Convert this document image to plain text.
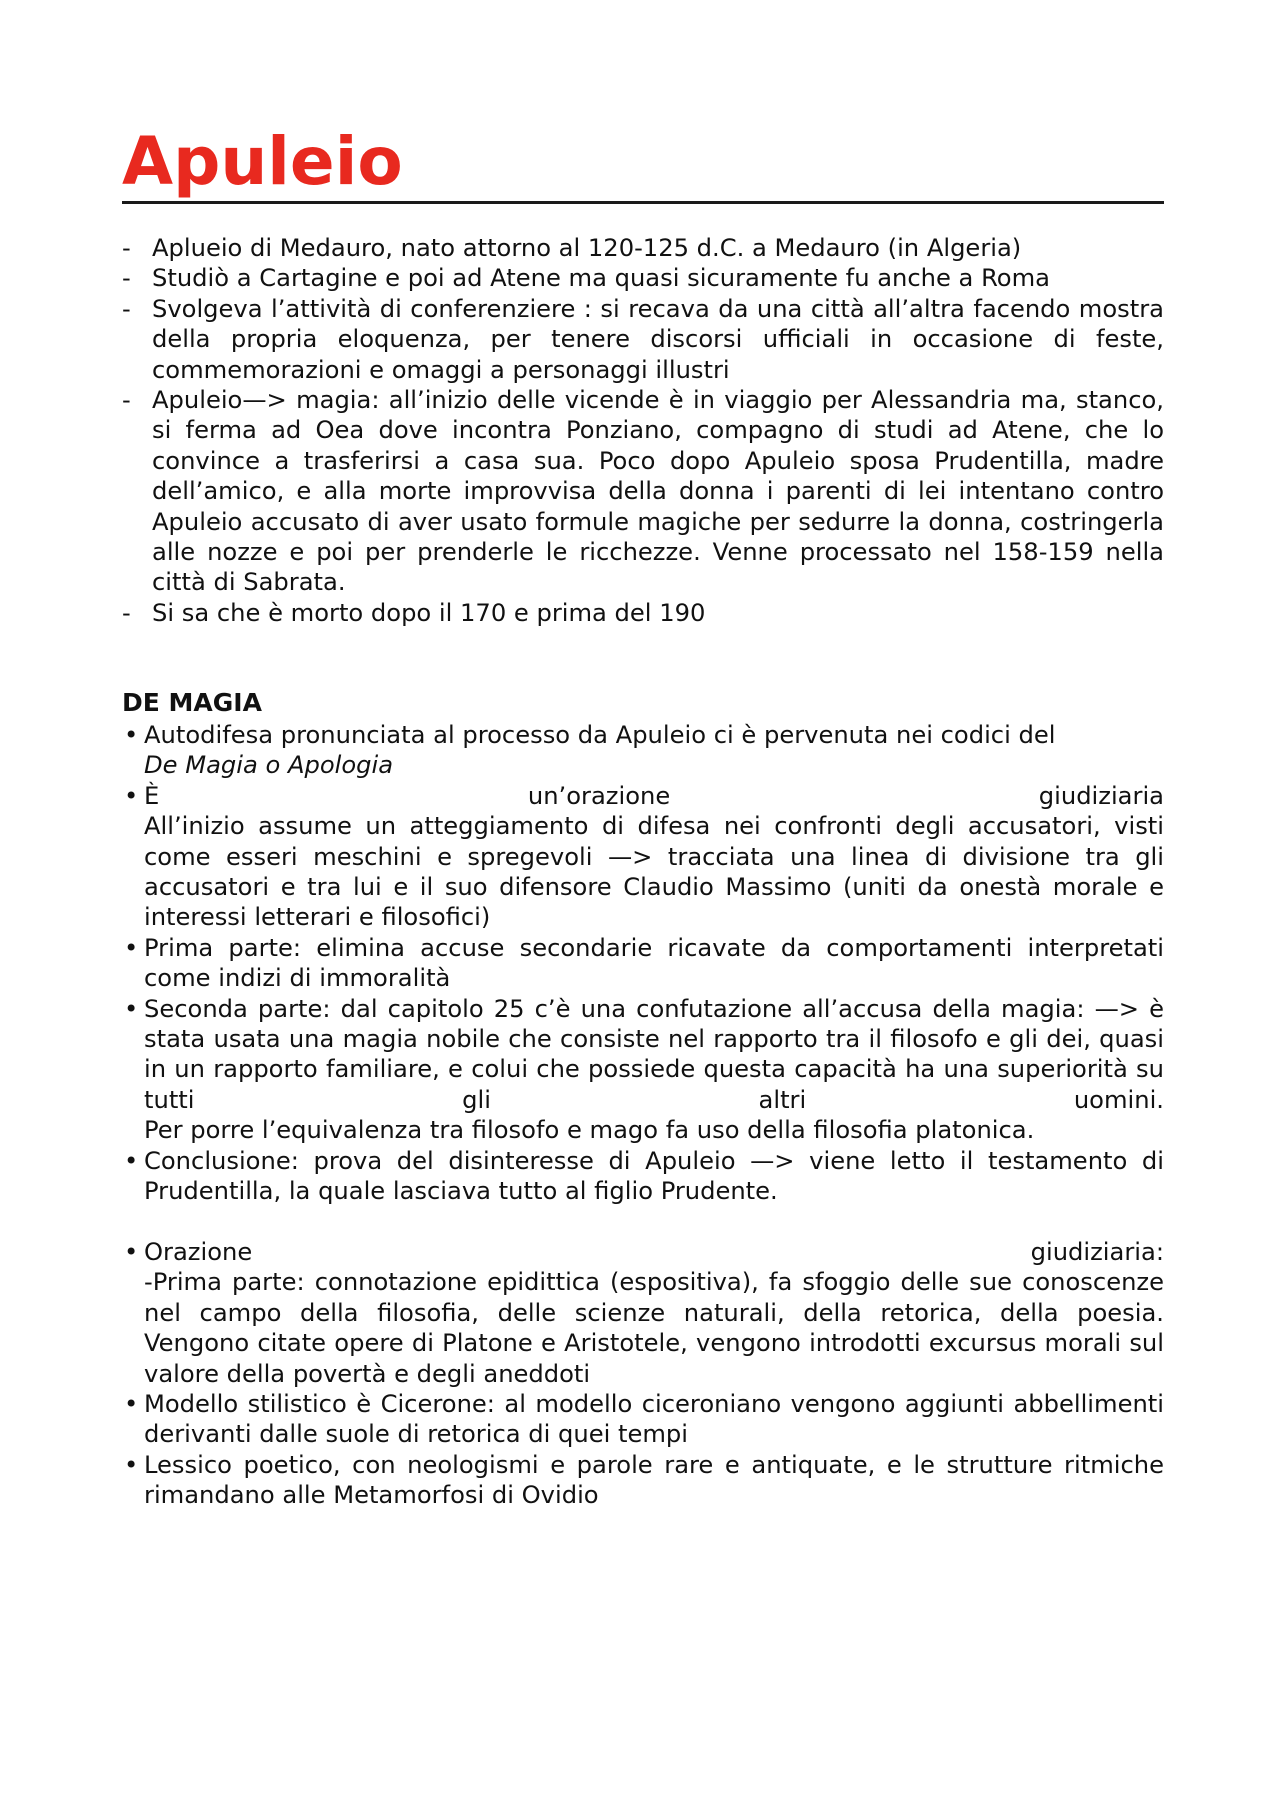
Apuleio
- Aplueio di Medauro, nato attorno al 120-125 d.C. a Medauro (in Algeria)
- Studiò a Cartagine e poi ad Atene ma quasi sicuramente fu anche a Roma
- Svolgeva l’attività di conferenziere : si recava da una città all’altra facendo mostra della propria eloquenza, per tenere discorsi ufficiali in occasione di feste, commemorazioni e omaggi a personaggi illustri
- Apuleio—> magia: all’inizio delle vicende è in viaggio per Alessandria ma, stanco, si ferma ad Oea dove incontra Ponziano, compagno di studi ad Atene, che lo convince a trasferirsi a casa sua. Poco dopo Apuleio sposa Prudentilla, madre dell’amico, e alla morte improvvisa della donna i parenti di lei intentano contro Apuleio accusato di aver usato formule magiche per sedurre la donna, costringerla alle nozze e poi per prenderle le ricchezze. Venne processato nel 158-159 nella città di Sabrata.
- Si sa che è morto dopo il 170 e prima del 190
DE MAGIA
• Autodifesa pronunciata al processo da Apuleio ci è pervenuta nei codici del
De Magia o Apologia
• È un’orazione giudiziaria
All’inizio assume un atteggiamento di difesa nei confronti degli accusatori, visti come esseri meschini e spregevoli —> tracciata una linea di divisione tra gli accusatori e tra lui e il suo difensore Claudio Massimo (uniti da onestà morale e interessi letterari e filosofici)
• Prima parte: elimina accuse secondarie ricavate da comportamenti interpretati come indizi di immoralità
• Seconda parte: dal capitolo 25 c’è una confutazione all’accusa della magia: —> è stata usata una magia nobile che consiste nel rapporto tra il filosofo e gli dei, quasi in un rapporto familiare, e colui che possiede questa capacità ha una superiorità su tutti gli altri uomini.
Per porre l’equivalenza tra filosofo e mago fa uso della filosofia platonica.
• Conclusione: prova del disinteresse di Apuleio —> viene letto il testamento di Prudentilla, la quale lasciava tutto al figlio Prudente.
• Orazione giudiziaria:
-Prima parte: connotazione epidittica (espositiva), fa sfoggio delle sue conoscenze nel campo della filosofia, delle scienze naturali, della retorica, della poesia. Vengono citate opere di Platone e Aristotele, vengono introdotti excursus morali sul valore della povertà e degli aneddoti
• Modello stilistico è Cicerone: al modello ciceroniano vengono aggiunti abbellimenti derivanti dalle suole di retorica di quei tempi
• Lessico poetico, con neologismi e parole rare e antiquate, e le strutture ritmiche rimandano alle Metamorfosi di Ovidio
